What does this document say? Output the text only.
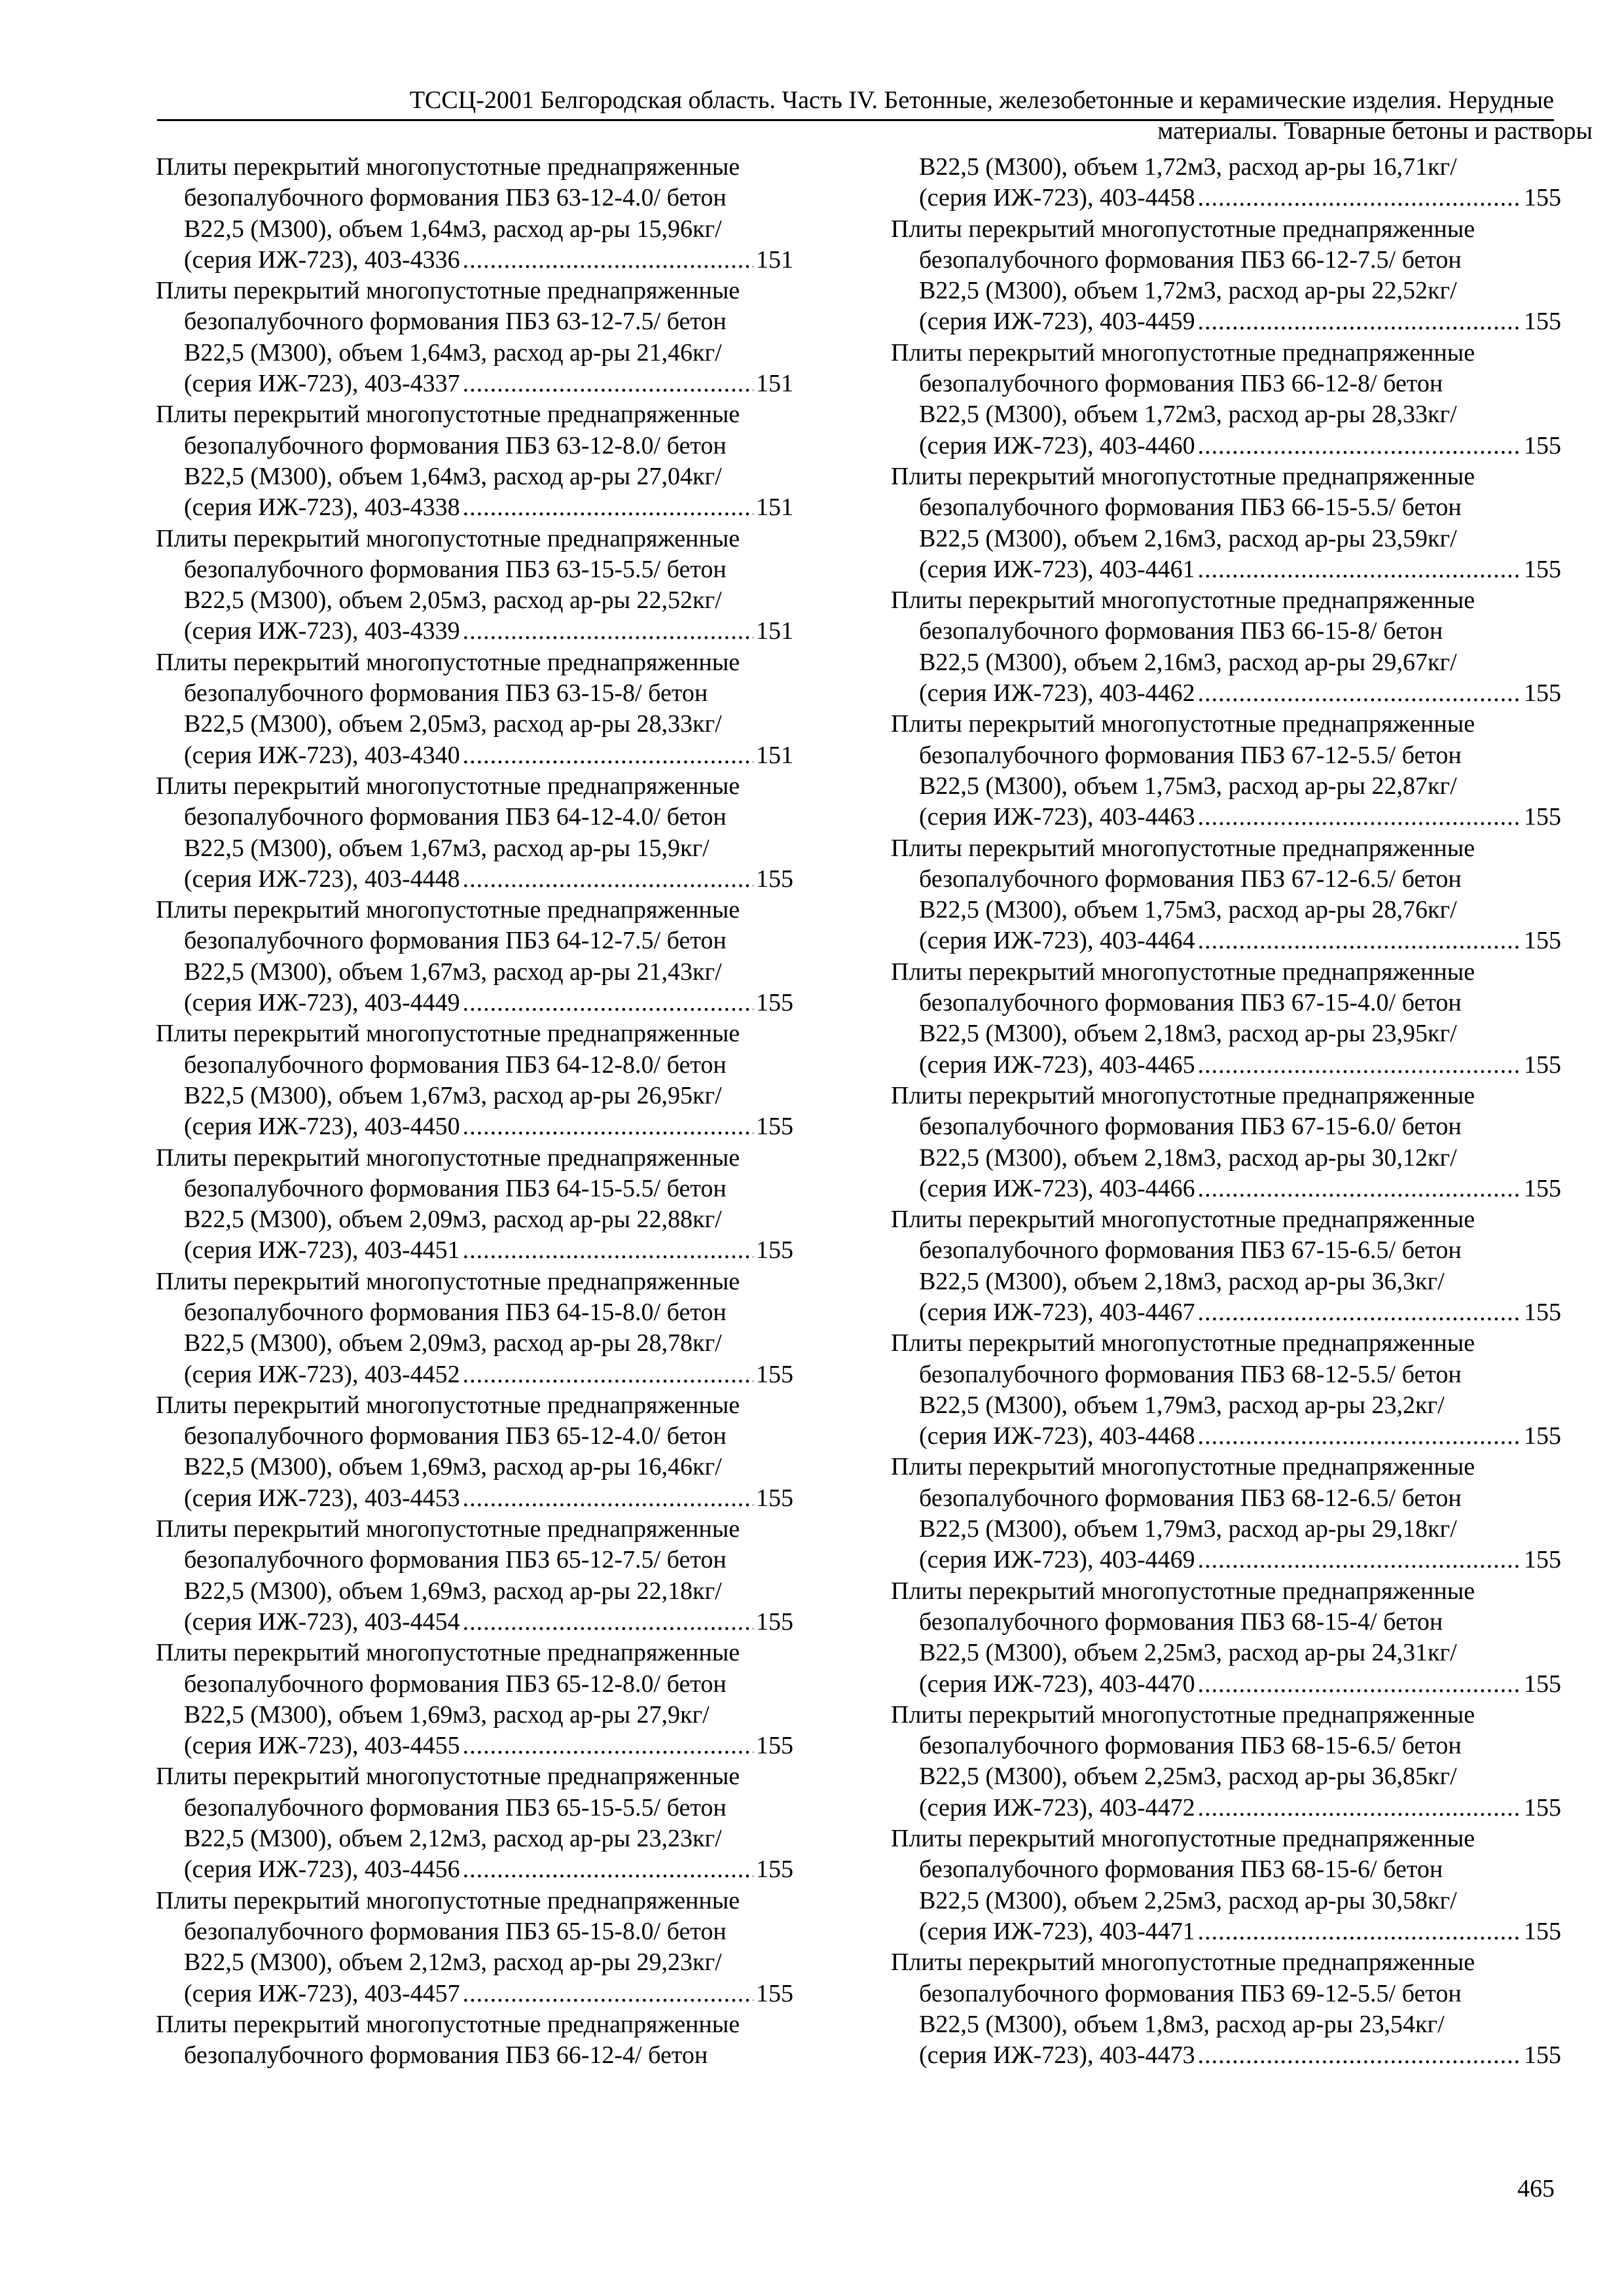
ТССЦ-2001 Белгородская область. Часть IV. Бетонные, железобетонные и керамические изделия. Нерудные
материалы. Товарные бетоны и растворы
Плиты перекрытий многопустотные преднапряженные
безопалубочного формования ПБЗ 63-12-4.0/ бетон
В22,5 (М300), объем 1,64м3, расход ар-ры 15,96кг/
(серия ИЖ-723), 403-4336 .....	151
Плиты перекрытий многопустотные преднапряженные
безопалубочного формования ПБЗ 63-12-7.5/ бетон
В22,5 (М300), объем 1,64м3, расход ар-ры 21,46кг/
(серия ИЖ-723), 403-4337 .....	151
Плиты перекрытий многопустотные преднапряженные
безопалубочного формования ПБЗ 63-12-8.0/ бетон
В22,5 (М300), объем 1,64м3, расход ар-ры 27,04кг/
(серия ИЖ-723), 403-4338 .....	151
Плиты перекрытий многопустотные преднапряженные
безопалубочного формования ПБЗ 63-15-5.5/ бетон
В22,5 (М300), объем 2,05м3, расход ар-ры 22,52кг/
(серия ИЖ-723), 403-4339 .....	151
Плиты перекрытий многопустотные преднапряженные
безопалубочного формования ПБЗ 63-15-8/ бетон
В22,5 (М300), объем 2,05м3, расход ар-ры 28,33кг/
(серия ИЖ-723), 403-4340 .....	151
Плиты перекрытий многопустотные преднапряженные
безопалубочного формования ПБЗ 64-12-4.0/ бетон
В22,5 (М300), объем 1,67м3, расход ар-ры 15,9кг/
(серия ИЖ-723), 403-4448 .....	155
Плиты перекрытий многопустотные преднапряженные
безопалубочного формования ПБЗ 64-12-7.5/ бетон
В22,5 (М300), объем 1,67м3, расход ар-ры 21,43кг/
(серия ИЖ-723), 403-4449 .....	155
Плиты перекрытий многопустотные преднапряженные
безопалубочного формования ПБЗ 64-12-8.0/ бетон
В22,5 (М300), объем 1,67м3, расход ар-ры 26,95кг/
(серия ИЖ-723), 403-4450 .....	155
Плиты перекрытий многопустотные преднапряженные
безопалубочного формования ПБЗ 64-15-5.5/ бетон
В22,5 (М300), объем 2,09м3, расход ар-ры 22,88кг/
(серия ИЖ-723), 403-4451 .....	155
Плиты перекрытий многопустотные преднапряженные
безопалубочного формования ПБЗ 64-15-8.0/ бетон
В22,5 (М300), объем 2,09м3, расход ар-ры 28,78кг/
(серия ИЖ-723), 403-4452 .....	155
Плиты перекрытий многопустотные преднапряженные
безопалубочного формования ПБЗ 65-12-4.0/ бетон
В22,5 (М300), объем 1,69м3, расход ар-ры 16,46кг/
(серия ИЖ-723), 403-4453 .....	155
Плиты перекрытий многопустотные преднапряженные
безопалубочного формования ПБЗ 65-12-7.5/ бетон
В22,5 (М300), объем 1,69м3, расход ар-ры 22,18кг/
(серия ИЖ-723), 403-4454 .....	155
Плиты перекрытий многопустотные преднапряженные
безопалубочного формования ПБЗ 65-12-8.0/ бетон
В22,5 (М300), объем 1,69м3, расход ар-ры 27,9кг/
(серия ИЖ-723), 403-4455 .....	155
Плиты перекрытий многопустотные преднапряженные
безопалубочного формования ПБЗ 65-15-5.5/ бетон
В22,5 (М300), объем 2,12м3, расход ар-ры 23,23кг/
(серия ИЖ-723), 403-4456 .....	155
Плиты перекрытий многопустотные преднапряженные
безопалубочного формования ПБЗ 65-15-8.0/ бетон
В22,5 (М300), объем 2,12м3, расход ар-ры 29,23кг/
(серия ИЖ-723), 403-4457 .....	155
Плиты перекрытий многопустотные преднапряженные
безопалубочного формования ПБЗ 66-12-4/ бетон
В22,5 (М300), объем 1,72м3, расход ар-ры 16,71кг/
(серия ИЖ-723), 403-4458 .....	155
Плиты перекрытий многопустотные преднапряженные
безопалубочного формования ПБЗ 66-12-7.5/ бетон
В22,5 (М300), объем 1,72м3, расход ар-ры 22,52кг/
(серия ИЖ-723), 403-4459 .....	155
Плиты перекрытий многопустотные преднапряженные
безопалубочного формования ПБЗ 66-12-8/ бетон
В22,5 (М300), объем 1,72м3, расход ар-ры 28,33кг/
(серия ИЖ-723), 403-4460 .....	155
Плиты перекрытий многопустотные преднапряженные
безопалубочного формования ПБЗ 66-15-5.5/ бетон
В22,5 (М300), объем 2,16м3, расход ар-ры 23,59кг/
(серия ИЖ-723), 403-4461 .....	155
Плиты перекрытий многопустотные преднапряженные
безопалубочного формования ПБЗ 66-15-8/ бетон
В22,5 (М300), объем 2,16м3, расход ар-ры 29,67кг/
(серия ИЖ-723), 403-4462 .....	155
Плиты перекрытий многопустотные преднапряженные
безопалубочного формования ПБЗ 67-12-5.5/ бетон
В22,5 (М300), объем 1,75м3, расход ар-ры 22,87кг/
(серия ИЖ-723), 403-4463 .....	155
Плиты перекрытий многопустотные преднапряженные
безопалубочного формования ПБЗ 67-12-6.5/ бетон
В22,5 (М300), объем 1,75м3, расход ар-ры 28,76кг/
(серия ИЖ-723), 403-4464 .....	155
Плиты перекрытий многопустотные преднапряженные
безопалубочного формования ПБЗ 67-15-4.0/ бетон
В22,5 (М300), объем 2,18м3, расход ар-ры 23,95кг/
(серия ИЖ-723), 403-4465 .....	155
Плиты перекрытий многопустотные преднапряженные
безопалубочного формования ПБЗ 67-15-6.0/ бетон
В22,5 (М300), объем 2,18м3, расход ар-ры 30,12кг/
(серия ИЖ-723), 403-4466 .....	155
Плиты перекрытий многопустотные преднапряженные
безопалубочного формования ПБЗ 67-15-6.5/ бетон
В22,5 (М300), объем 2,18м3, расход ар-ры 36,3кг/
(серия ИЖ-723), 403-4467 .....	155
Плиты перекрытий многопустотные преднапряженные
безопалубочного формования ПБЗ 68-12-5.5/ бетон
В22,5 (М300), объем 1,79м3, расход ар-ры 23,2кг/
(серия ИЖ-723), 403-4468 .....	155
Плиты перекрытий многопустотные преднапряженные
безопалубочного формования ПБЗ 68-12-6.5/ бетон
В22,5 (М300), объем 1,79м3, расход ар-ры 29,18кг/
(серия ИЖ-723), 403-4469 .....	155
Плиты перекрытий многопустотные преднапряженные
безопалубочного формования ПБЗ 68-15-4/ бетон
В22,5 (М300), объем 2,25м3, расход ар-ры 24,31кг/
(серия ИЖ-723), 403-4470 .....	155
Плиты перекрытий многопустотные преднапряженные
безопалубочного формования ПБЗ 68-15-6.5/ бетон
В22,5 (М300), объем 2,25м3, расход ар-ры 36,85кг/
(серия ИЖ-723), 403-4472 .....	155
Плиты перекрытий многопустотные преднапряженные
безопалубочного формования ПБЗ 68-15-6/ бетон
В22,5 (М300), объем 2,25м3, расход ар-ры 30,58кг/
(серия ИЖ-723), 403-4471 .....	155
Плиты перекрытий многопустотные преднапряженные
безопалубочного формования ПБЗ 69-12-5.5/ бетон
В22,5 (М300), объем 1,8м3, расход ар-ры 23,54кг/
(серия ИЖ-723), 403-4473 .....	155
465
